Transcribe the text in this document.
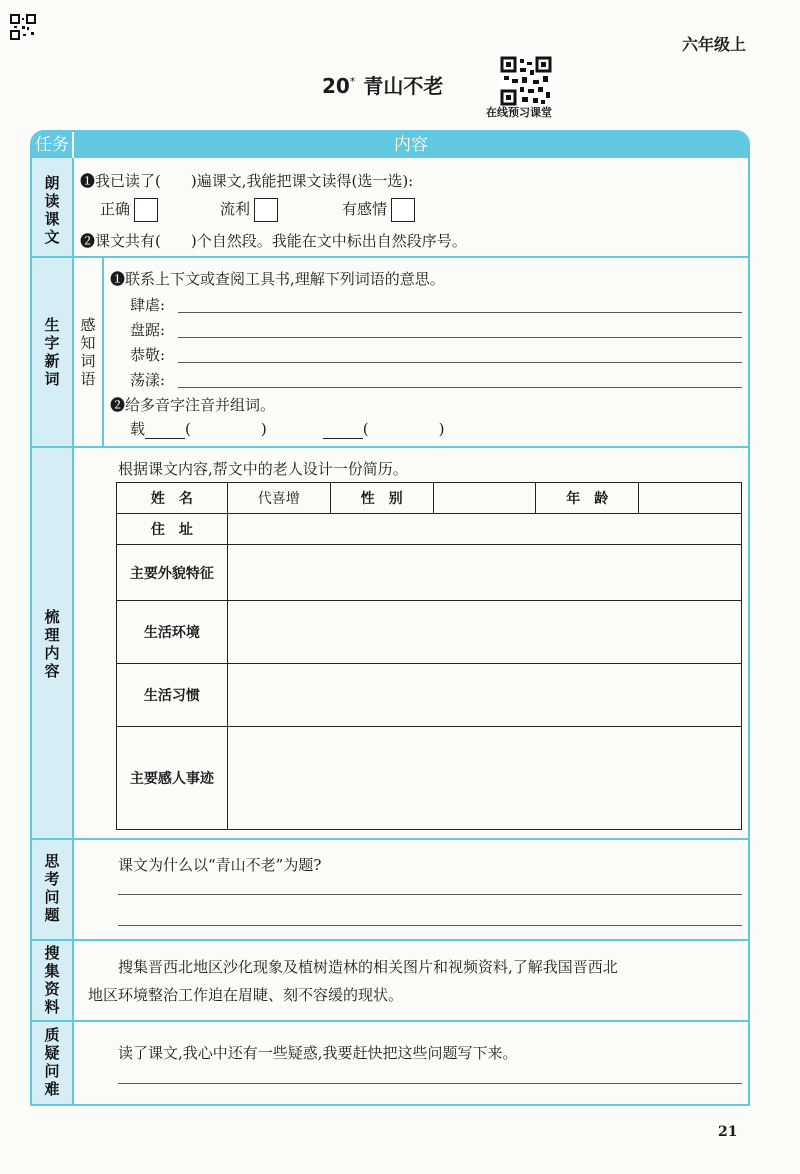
六年级上
20* 青山不老
在线预习课堂
任务	内容
朗
读
课
文
❶我已读了(　　)遍课文,我能把课文读得(选一选):
正确	流利	有感情
❷课文共有(　　)个自然段。我能在文中标出自然段序号。
生
字
新
词
感
知
词
语
❶联系上下文或查阅工具书,理解下列词语的意思。
肆虐:
盘踞:
恭敬:
荡漾:
❷给多音字注音并组词。
载	(	)	(	)
梳
理
内
容
根据课文内容,帮文中的老人设计一份简历。
姓　名	代喜增	性　别		年　龄	
住　址					
主要外貌特征					
生活环境					
生活习惯					
主要感人事迹					
思
考
问
题
课文为什么以“青山不老”为题?
搜
集
资
料
搜集晋西北地区沙化现象及植树造林的相关图片和视频资料,了解我国晋西北
地区环境整治工作迫在眉睫、刻不容缓的现状。
质
疑
问
难
读了课文,我心中还有一些疑惑,我要赶快把这些问题写下来。
21
